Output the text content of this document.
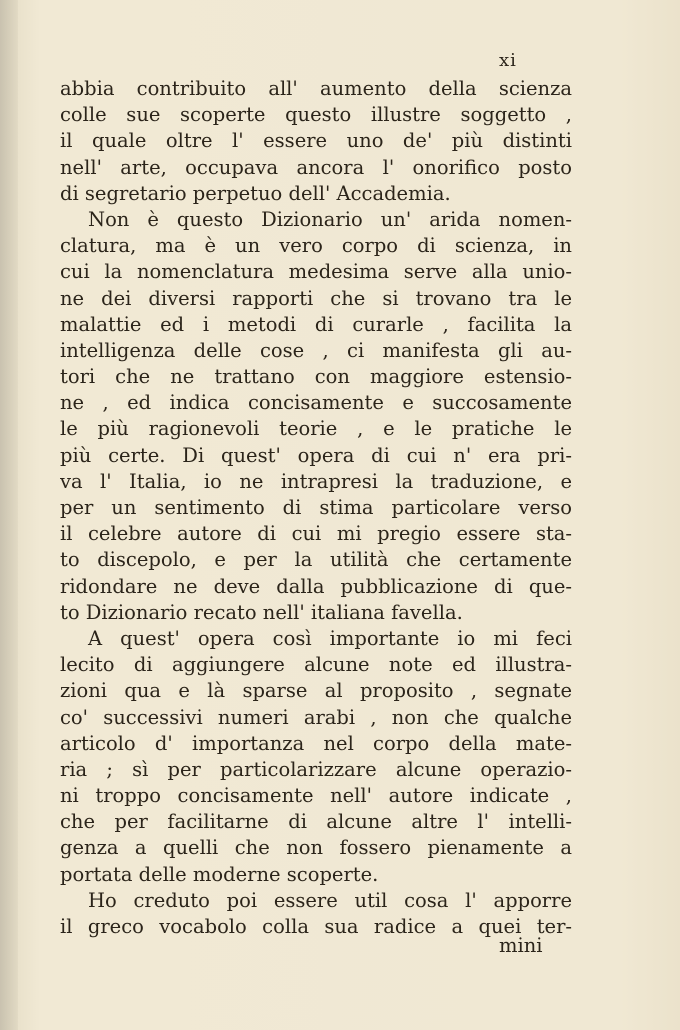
xi
abbia contribuito all' aumento della scienza
colle sue scoperte questo illustre soggetto ,
il quale oltre l' essere uno de' più distinti
nell' arte, occupava ancora l' onorifico posto
di segretario perpetuo dell' Accademia.
Non è questo Dizionario un' arida nomen-
clatura, ma è un vero corpo di scienza, in
cui la nomenclatura medesima serve alla unio-
ne dei diversi rapporti che si trovano tra le
malattie ed i metodi di curarle , facilita la
intelligenza delle cose , ci manifesta gli au-
tori che ne trattano con maggiore estensio-
ne , ed indica concisamente e succosamente
le più ragionevoli teorie , e le pratiche le
più certe. Di quest' opera di cui n' era pri-
va l' Italia, io ne intrapresi la traduzione, e
per un sentimento di stima particolare verso
il celebre autore di cui mi pregio essere sta-
to discepolo, e per la utilità che certamente
ridondare ne deve dalla pubblicazione di que-
to Dizionario recato nell' italiana favella.
A quest' opera così importante io mi feci
lecito di aggiungere alcune note ed illustra-
zioni qua e là sparse al proposito , segnate
co' successivi numeri arabi , non che qualche
articolo d' importanza nel corpo della mate-
ria ; sì per particolarizzare alcune operazio-
ni troppo concisamente nell' autore indicate ,
che per facilitarne di alcune altre l' intelli-
genza a quelli che non fossero pienamente a
portata delle moderne scoperte.
Ho creduto poi essere util cosa l' apporre
il greco vocabolo colla sua radice a quei ter-
mini
